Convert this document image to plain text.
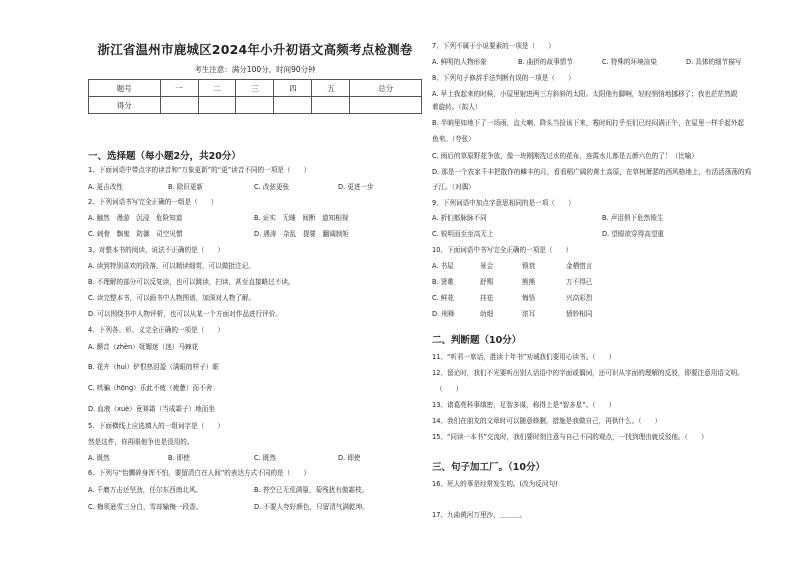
浙江省温州市鹿城区2024年小升初语文高频考点检测卷
考生注意：满分100分，时间90分钟
题号	一	二	三	四	五	总分
得分						
一、选择题（每小题2分，共20分）
1、下面词语中带点字的读音和“万象更新”的“更”读音不同的一项是（　　）
A. 更吉改性	B. 除旧更新	C. 改弦更张	D. 更进一步
2、下列词语书写完全正确的一组是（　　）
A. 触然　漫游　沉浸　危险知道	B. 证实　无睡　间断　道知相视
C. 刺骨　飘鬼　防御　司空见惯	D. 遇涛　杂乱　提要　翻阔制矩
3、对整本书的阅读，说法不正确的是（　　）
A. 读到特别喜欢的段落，可以精读细赏，可以做批注记。
B. 不理解的部分可以反复读，也可以跳读，扫读，甚至直接略过不读。
C. 读完整本书，可以画书中人物图谱，加深对人物了解。
D. 可以围绕书中人物评析，也可以从某一个方面对作品进行评价。
4、下列各、形、义完全正确的一项是（　　）
A. 颤音（zhèn）妩媚迷（迷）马棘花
B. 花卉（huì）铲恨热泪盈（满眼的样子）眶
C. 哄骗（hōng）乐此不疲（疲惫）而不舍
D. 血液（xuè）竟赛霜（当成霜子）地而坐
5、下面横线上应选填入的一组词字是（　　）
然是这件，你再眼他争也是没用的。
A. 既然	B. 即使	C. 既然	D. 即使
6、下列与“怡髑碎身浑不怕，要留清白在人间”的表达方式不同的是（　　）
A. 千磨万击还坚劲，任尔东西南北风。	B. 苔空已无荒满篁，菊残犹有傲霜枝。
C. 梅须逊雪三分白，雪却输梅一段香。	D. 不要人夸好颜色，只留清气满乾坤。
7、下列不属于小说要素的一项是（　　）
A. 鲜明的人物形象	B. 曲折的故事情节	C. 特殊的环境渲染	D. 具体的细节描写
8、下列句子修辞手法判断有误的一项是（　　）
A. 早上我起来的时候，小屋里射进两三方斜斜的太阳。太阳他有脚啊，轻轻悄悄地挪移了；我也茫茫然跟
着旋转。（拟人）
B. 半晌里如地下了一场雨，直大喇，降头当捡该下来，霉时间打乎至们已经闷满正午，在屋里一样手起外起
鱼来。（夸张）
C. 雨后的草原野花争放，像一块刚刚洗过水的花布，连霞水儿都是五颜六色的了！（比喻）
D. 那是一个农家千丰把散作的鳞丰的月，看看稻广阔的黄土高原，在草树萧瑟的西风格地上，有活活荡荡的鸡
子江。（对偶）
9、下列词语中加点字意思相同的是一项（　　）
A. 折们都脉脉不同	B. 声泪俱下危然锁生
C. 锐明而至至高无上	D. 望眼欲穿得高望重
10、下面词语中书写完全正确的一项是（　　）
A. 书屋	景会	锁衰	金栖惜言
B. 贤歌	舒赐	熊熊	万不得已
C. 鲜花	挂祛	悔悟	兴高彩烈
D. 刑释	幼细	浓耳	愤妙相同
二、判断题（10分）
11、“听君一席话，胜读十年书”劝诫我们要用心读书。（　　）
12、留论时，我们不光要听出别人话语中的字面或偶词，还可识从字面的理解的反驳，即要注意用语文明。
（　　）
13、诸葛亮科事缜密，足智多谋，称得上是“智多星”。（　　）
14、我们在朋友的文章时可以随意修删，措施是我做自己，再供什么。（　　）
15、“同读一本书”交流时，我们要时刻注意与自己不同的观点，一找到理由就反驳他。（　　）
三、句子加工厂。（10分）
16、死人的事是经常发生的。(改为反问句)
17、九曲黄河万里沙，＿＿＿。
